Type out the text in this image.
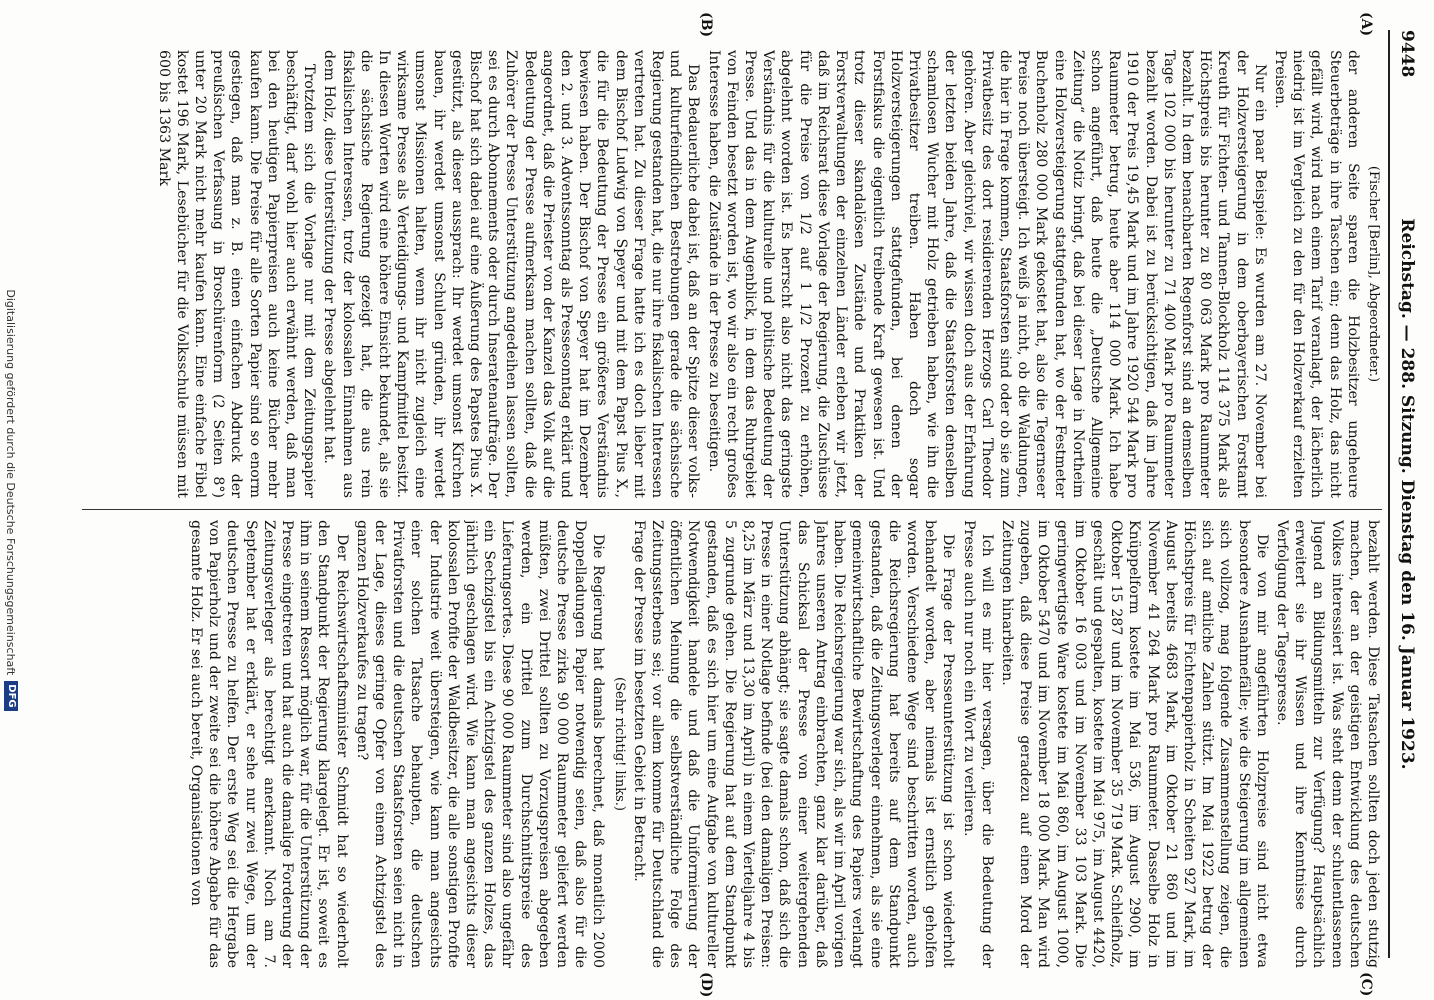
9448
Reichstag. — 288. Sitzung. Dienstag den 16. Januar 1923.
(A)
(B)
(C)
(D)

(Fischer [Berlin], Abgeordneter.)

der anderen Seite sparen die Holzbesitzer ungeheure Steuerbeträge in ihre Taschen ein; denn das Holz, das nicht gefällt wird, wird nach einem Tarif veranlagt, der lächerlich niedrig ist im Vergleich zu den für den Holzverkauf erzielten Preisen.

Nur ein paar Beispiele: Es wurden am 27. November bei der Holzversteigerung in dem oberbayerischen Forstamt Kreuth für Fichten- und Tannen-Blockholz 114 375 Mark als Höchstpreis bis herunter zu 80 063 Mark pro Raummeter bezahlt. In dem benachbarten Regenforst sind an demselben Tage 102 000 bis herunter zu 71 400 Mark pro Raummeter bezahlt worden. Dabei ist zu berücksichtigen, daß im Jahre 1910 der Preis 19,45 Mark und im Jahre 1920 544 Mark pro Raummeter betrug, heute aber 114 000 Mark. Ich habe schon angeführt, daß heute die „Deutsche Allgemeine Zeitung“ die Notiz bringt, daß bei dieser Lage in Northeim eine Holzversteigerung stattgefunden hat, wo der Festmeter Buchenholz 280 000 Mark gekostet hat, also die Tegernseer Preise noch übersteigt. Ich weiß ja nicht, ob die Waldungen, die hier in Frage kommen, Staatsforsten sind oder ob sie zum Privatbesitz des dort residierenden Herzogs Carl Theodor gehören. Aber gleichviel, wir wissen doch aus der Erfahrung der letzten beiden Jahre, daß die Staatsforsten denselben schamlosen Wucher mit Holz getrieben haben, wie ihn die Privatbesitzer treiben. Haben doch sogar Holzversteigerungen stattgefunden, bei denen der Forstfiskus die eigentlich treibende Kraft gewesen ist. Und trotz dieser skandalösen Zustände und Praktiken der Forstverwaltungen der einzelnen Länder erleben wir jetzt, daß im Reichsrat diese Vorlage der Regierung, die Zuschüsse für die Preise von 1/2 auf 1 1/2 Prozent zu erhöhen, abgelehnt worden ist. Es herrscht also nicht das geringste Verständnis für die kulturelle und politische Bedeutung der Presse. Und das in dem Augenblick, in dem das Ruhrgebiet von Feinden besetzt worden ist, wo wir also ein recht großes Interesse haben, die Zustände in der Presse zu beseitigen.

Das Bedauerliche dabei ist, daß an der Spitze dieser volks- und kulturfeindlichen Bestrebungen gerade die sächsische Regierung gestanden hat, die nur ihre fiskalischen Interessen vertreten hat. Zu dieser Frage hatte ich es doch lieber mit dem Bischof Ludwig von Speyer und mit dem Papst Pius X., die für die Bedeutung der Presse ein größeres Verständnis bewiesen haben. Der Bischof von Speyer hat im Dezember den 2. und 3. Adventssonntag als Pressesonntag erklärt und angeordnet, daß die Priester von der Kanzel das Volk auf die Bedeutung der Presse aufmerksam machen sollten, daß die Zuhörer der Presse Unterstützung angedeihen lassen sollten, sei es durch Abonnements oder durch Inseratenaufträge. Der Bischof hat sich dabei auf eine Äußerung des Papstes Pius X. gestützt, als dieser aussprach: Ihr werdet umsonst Kirchen bauen, ihr werdet umsonst Schulen gründen, ihr werdet umsonst Missionen halten, wenn ihr nicht zugleich eine wirksame Presse als Verteidigungs- und Kampfmittel besitzt. In diesen Worten wird eine höhere Einsicht bekundet, als sie die sächsische Regierung gezeigt hat, die aus rein fiskalischen Interessen, trotz der kolossalen Einnahmen aus dem Holz, diese Unterstützung der Presse abgelehnt hat.

Trotzdem sich die Vorlage nur mit dem Zeitungspapier beschäftigt, darf wohl hier auch erwähnt werden, daß man bei den heutigen Papierpreisen auch keine Bücher mehr kaufen kann. Die Preise für alle Sorten Papier sind so enorm gestiegen, daß man z. B. einen einfachen Abdruck der preußischen Verfassung in Broschürenform (2 Seiten 8°) unter 20 Mark nicht mehr kaufen kann. Eine einfache Fibel kostet 196 Mark, Lesebücher für die Volksschule müssen mit 600 bis 1363 Mark

bezahlt werden. Diese Tatsachen sollten doch jeden stutzig machen, der an der geistigen Entwicklung des deutschen Volkes interessiert ist. Was steht denn der schulentlassenen Jugend an Bildungsmitteln zur Verfügung? Hauptsächlich erweitert sie ihr Wissen und ihre Kenntnisse durch Verfolgung der Tagespresse.

Die von mir angeführten Holzpreise sind nicht etwa besondere Ausnahmefälle; wie die Steigerung im allgemeinen sich vollzog, mag folgende Zusammenstellung zeigen, die sich auf amtliche Zahlen stützt. Im Mai 1922 betrug der Höchstpreis für Fichtenpapierholz in Scheiten 927 Mark, im August bereits 4683 Mark, im Oktober 21 860 und im November 41 264 Mark pro Raummeter. Dasselbe Holz in Knüppelform kostete im Mai 536, im August 2900, im Oktober 15 287 und im November 35 719 Mark. Schleifholz, geschält und gespalten, kostete im Mai 975, im August 4420, im Oktober 16 003 und im November 33 103 Mark. Die geringwertigste Ware kostete im Mai 860, im August 1000, im Oktober 5470 und im November 18 000 Mark. Man wird zugeben, daß diese Preise geradezu auf einen Mord der Zeitungen hinarbeiten.

Ich will es mir hier versagen, über die Bedeutung der Presse auch nur noch ein Wort zu verlieren.

Die Frage der Presseunterstützung ist schon wiederholt behandelt worden, aber niemals ist ernstlich geholfen worden. Verschiedene Wege sind beschritten worden, auch die Reichsregierung hat bereits auf dem Standpunkt gestanden, daß die Zeitungsverleger einnehmen, als sie eine gemeinwirtschaftliche Bewirtschaftung des Papiers verlangt haben. Die Reichsregierung war sich, als wir im April vorigen Jahres unseren Antrag einbrachten, ganz klar darüber, daß das Schicksal der Presse von einer weitergehenden Unterstützung abhängt; sie sagte damals schon, daß sich die Presse in einer Notlage befinde (bei den damaligen Preisen: 8,25 im März und 13,30 im April) in einem Vierteljahre 4 bis 5 zugrunde gehen. Die Regierung hat auf dem Standpunkt gestanden, daß es sich hier um eine Aufgabe von kultureller Notwendigkeit handele und daß die Uniformierung der öffentlichen Meinung die selbstverständliche Folge des Zeitungssterbens sei; vor allem komme für Deutschland die Frage der Presse im besetzten Gebiet in Betracht.

(Sehr richtig! links.)

Die Regierung hat damals berechnet, daß monatlich 2000 Doppelladungen Papier notwendig seien, daß also für die deutsche Presse zirka 90 000 Raummeter geliefert werden müßten, zwei Drittel sollten zu Vorzugspreisen abgegeben werden, ein Drittel zum Durchschnittspreise des Lieferungsortes. Diese 90 000 Raummeter sind also ungefähr ein Sechzigstel bis ein Achtzigstel des ganzen Holzes, das jährlich geschlagen wird. Wie kann man angesichts dieser kolossalen Profite der Waldbesitzer, die alle sonstigen Profite der Industrie weit übersteigen, wie kann man angesichts einer solchen Tatsache behaupten, die deutschen Privatforsten und die deutschen Staatsforsten seien nicht in der Lage, dieses geringe Opfer von einem Achtzigstel des ganzen Holzverkaufes zu tragen?

Der Reichswirtschaftsminister Schmidt hat so wiederholt den Standpunkt der Regierung klargelegt. Er ist, soweit es ihm in seinem Ressort möglich war, für die Unterstützung der Presse eingetreten und hat auch die damalige Forderung der Zeitungsverleger als berechtigt anerkannt. Noch am 7. September hat er erklärt, er sehe nur zwei Wege, um der deutschen Presse zu helfen. Der erste Weg sei die Hergabe von Papierholz und der zweite sei die höhere Abgabe für das gesamte Holz. Er sei auch bereit, Organisationen von

Digitalisierung gefördert durch die Deutsche Forschungsgemeinschaft
DFG
